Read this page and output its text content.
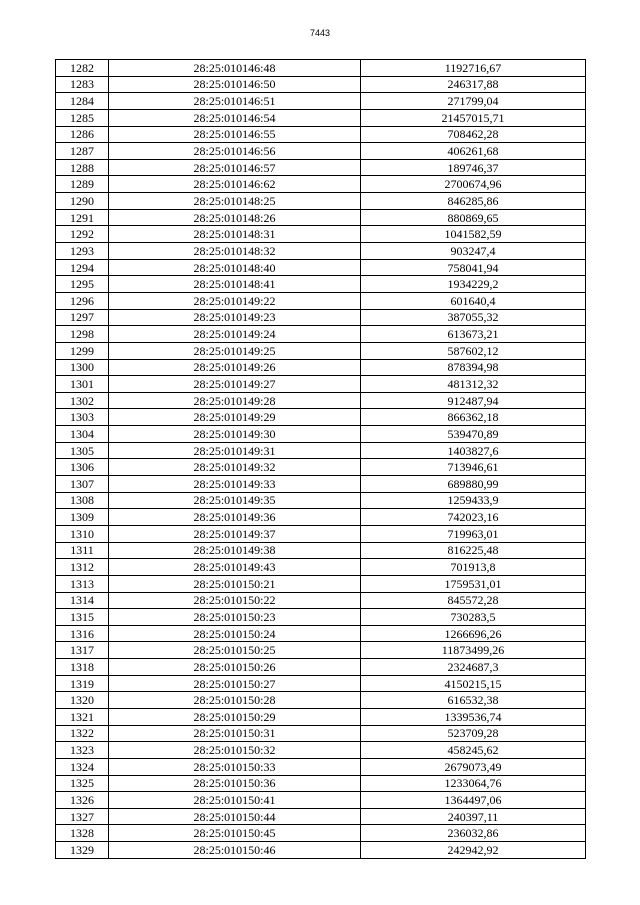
7443
1282	28:25:010146:48	1192716,67
1283	28:25:010146:50	246317,88
1284	28:25:010146:51	271799,04
1285	28:25:010146:54	21457015,71
1286	28:25:010146:55	708462,28
1287	28:25:010146:56	406261,68
1288	28:25:010146:57	189746,37
1289	28:25:010146:62	2700674,96
1290	28:25:010148:25	846285,86
1291	28:25:010148:26	880869,65
1292	28:25:010148:31	1041582,59
1293	28:25:010148:32	903247,4
1294	28:25:010148:40	758041,94
1295	28:25:010148:41	1934229,2
1296	28:25:010149:22	601640,4
1297	28:25:010149:23	387055,32
1298	28:25:010149:24	613673,21
1299	28:25:010149:25	587602,12
1300	28:25:010149:26	878394,98
1301	28:25:010149:27	481312,32
1302	28:25:010149:28	912487,94
1303	28:25:010149:29	866362,18
1304	28:25:010149:30	539470,89
1305	28:25:010149:31	1403827,6
1306	28:25:010149:32	713946,61
1307	28:25:010149:33	689880,99
1308	28:25:010149:35	1259433,9
1309	28:25:010149:36	742023,16
1310	28:25:010149:37	719963,01
1311	28:25:010149:38	816225,48
1312	28:25:010149:43	701913,8
1313	28:25:010150:21	1759531,01
1314	28:25:010150:22	845572,28
1315	28:25:010150:23	730283,5
1316	28:25:010150:24	1266696,26
1317	28:25:010150:25	11873499,26
1318	28:25:010150:26	2324687,3
1319	28:25:010150:27	4150215,15
1320	28:25:010150:28	616532,38
1321	28:25:010150:29	1339536,74
1322	28:25:010150:31	523709,28
1323	28:25:010150:32	458245,62
1324	28:25:010150:33	2679073,49
1325	28:25:010150:36	1233064,76
1326	28:25:010150:41	1364497,06
1327	28:25:010150:44	240397,11
1328	28:25:010150:45	236032,86
1329	28:25:010150:46	242942,92
